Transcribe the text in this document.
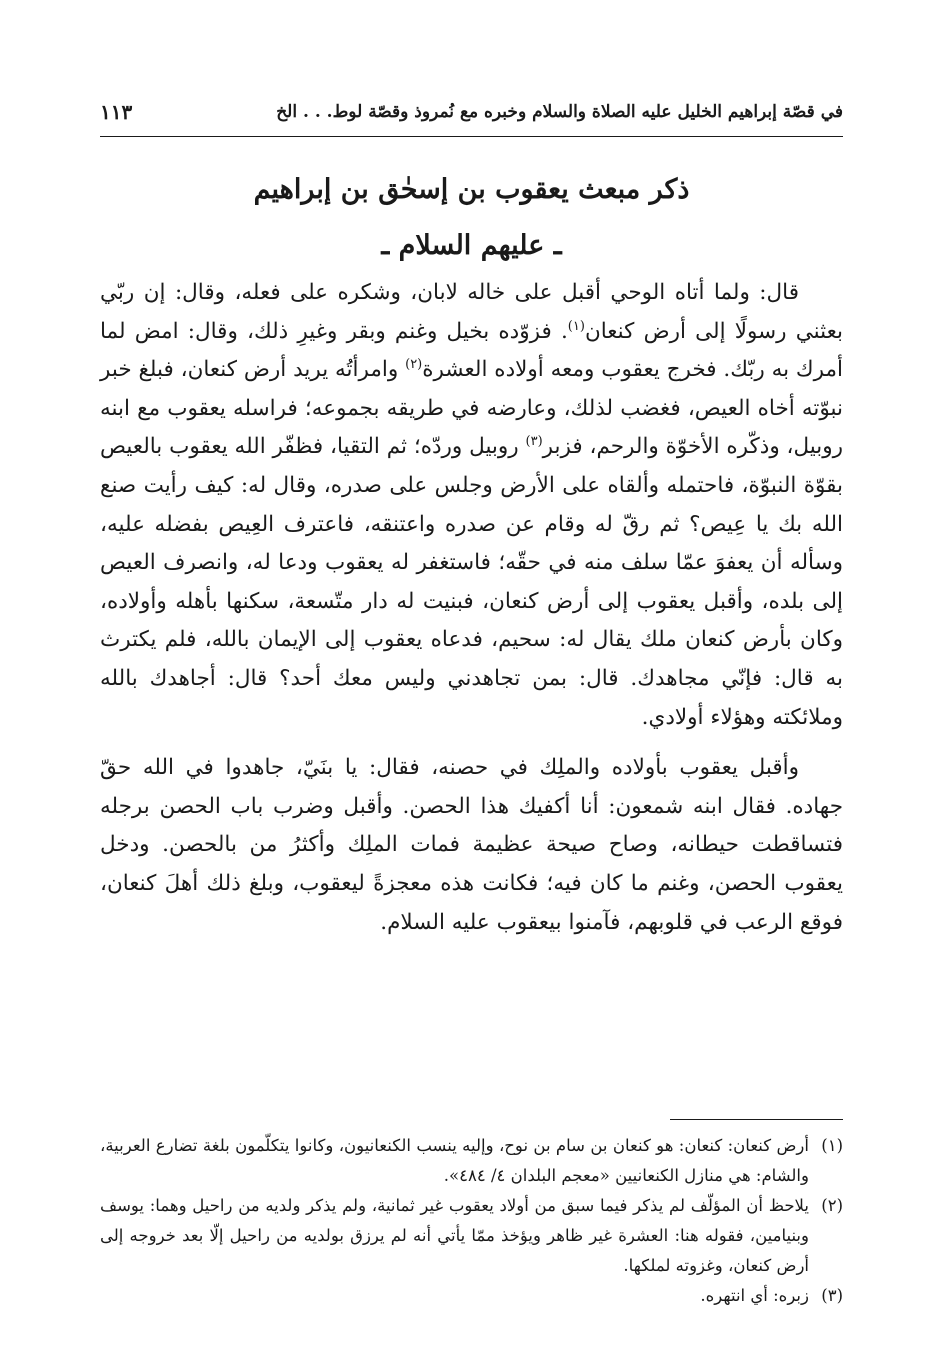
في قصّة إبراهيم الخليل عليه الصلاة والسلام وخبره مع نُمروذ وقصّة لوط. . . الخ
١١٣
ذكر مبعث يعقوب بن إسحٰق بن إبراهيم
ـ عليهم السلام ـ

قال: ولما أتاه الوحي أقبل على خاله لابان، وشكره على فعله، وقال: إن ربّي بعثني رسولًا إلى أرض كنعان$^{(١)}$. فزوّده بخيل وغنم وبقر وغيرِ ذلك، وقال: امض لما أمرك به ربّك. فخرج يعقوب ومعه أولاده العشرة$^{(٢)}$ وامرأتُه يريد أرض كنعان، فبلغ خبر نبوّته أخاه العيص، فغضب لذلك، وعارضه في طريقه بجموعه؛ فراسله يعقوب مع ابنه روبيل، وذكّره الأخوّة والرحم، فزبر$^{(٣)}$ روبيل وردّه؛ ثم التقيا، فظفّر الله يعقوب بالعيص بقوّة النبوّة، فاحتمله وألقاه على الأرض وجلس على صدره، وقال له: كيف رأيت صنع الله بك يا عِيص؟ ثم رقّ له وقام عن صدره واعتنقه، فاعترف العِيص بفضله عليه، وسأله أن يعفوَ عمّا سلف منه في حقّه؛ فاستغفر له يعقوب ودعا له، وانصرف العيص إلى بلده، وأقبل يعقوب إلى أرض كنعان، فبنيت له دار متّسعة، سكنها بأهله وأولاده، وكان بأرض كنعان ملك يقال له: سحيم، فدعاه يعقوب إلى الإيمان بالله، فلم يكترث به قال: فإنّي مجاهدك. قال: بمن تجاهدني وليس معك أحد؟ قال: أجاهدك بالله وملائكته وهؤلاء أولادي.

وأقبل يعقوب بأولاده والملِك في حصنه، فقال: يا بنَيّ، جاهدوا في الله حقّ جهاده. فقال ابنه شمعون: أنا أكفيك هذا الحصن. وأقبل وضرب باب الحصن برجله فتساقطت حيطانه، وصاح صيحة عظيمة فمات الملِك وأكثرُ من بالحصن. ودخل يعقوب الحصن، وغنم ما كان فيه؛ فكانت هذه معجزةً ليعقوب، وبلغ ذلك أهلَ كنعان، فوقع الرعب في قلوبهم، فآمنوا بيعقوب عليه السلام.

(١)
أرض كنعان: كنعان: هو كنعان بن سام بن نوح، وإليه ينسب الكنعانيون، وكانوا يتكلّمون بلغة تضارع العربية، والشام: هي منازل الكنعانيين «معجم البلدان ٤/ ٤٨٤».
(٢)
يلاحظ أن المؤلّف لم يذكر فيما سبق من أولاد يعقوب غير ثمانية، ولم يذكر ولديه من راحيل وهما: يوسف وبنيامين، فقوله هنا: العشرة غير ظاهر ويؤخذ ممّا يأتي أنه لم يرزق بولديه من راحيل إلّا بعد خروجه إلى أرض كنعان، وغزوته لملكها.
(٣)
زبره: أي انتهره.
